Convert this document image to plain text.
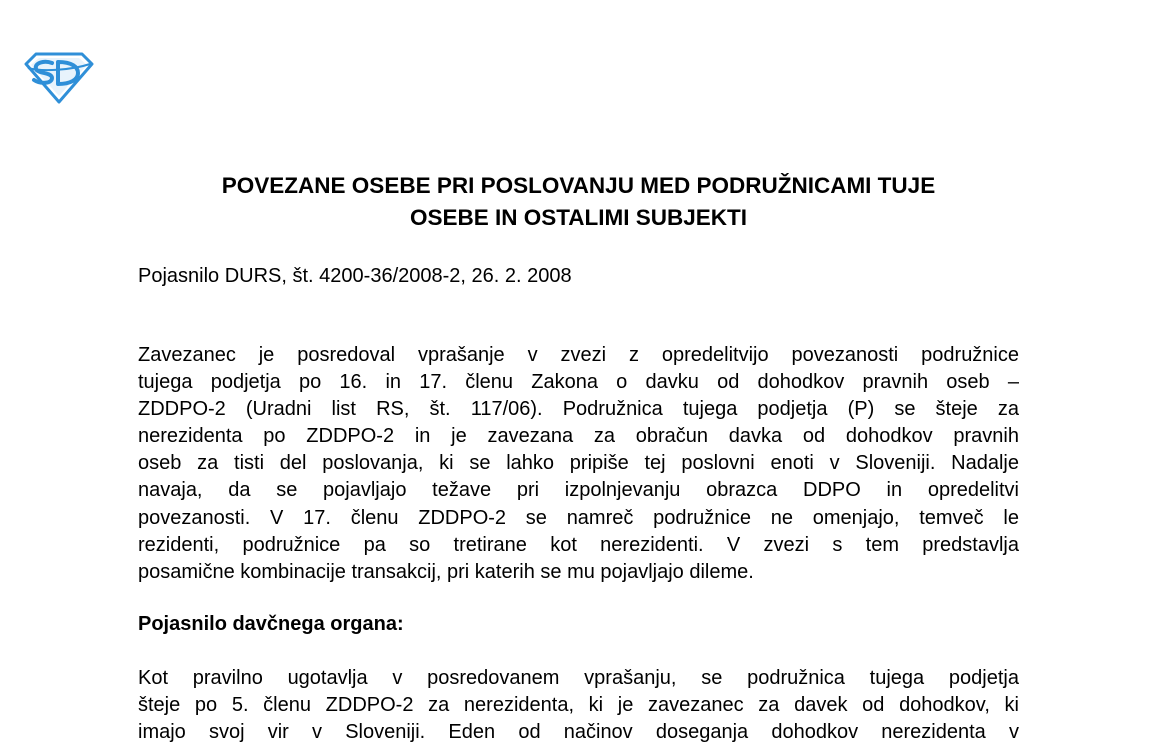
POVEZANE OSEBE PRI POSLOVANJU MED PODRUŽNICAMI TUJE
OSEBE IN OSTALIMI SUBJEKTI

Pojasnilo DURS, št. 4200-36/2008-2, 26. 2. 2008

Zavezanec je posredoval vprašanje v zvezi z opredelitvijo povezanosti podružnice
tujega podjetja po 16. in 17. členu Zakona o davku od dohodkov pravnih oseb –
ZDDPO-2 (Uradni list RS, št. 117/06). Podružnica tujega podjetja (P) se šteje za
nerezidenta po ZDDPO-2 in je zavezana za obračun davka od dohodkov pravnih
oseb za tisti del poslovanja, ki se lahko pripiše tej poslovni enoti v Sloveniji. Nadalje
navaja, da se pojavljajo težave pri izpolnjevanju obrazca DDPO in opredelitvi
povezanosti. V 17. členu ZDDPO-2 se namreč podružnice ne omenjajo, temveč le
rezidenti, podružnice pa so tretirane kot nerezidenti. V zvezi s tem predstavlja
posamične kombinacije transakcij, pri katerih se mu pojavljajo dileme.

Pojasnilo davčnega organa:

Kot pravilno ugotavlja v posredovanem vprašanju, se podružnica tujega podjetja
šteje po 5. členu ZDDPO-2 za nerezidenta, ki je zavezanec za davek od dohodkov, ki
imajo svoj vir v Sloveniji. Eden od načinov doseganja dohodkov nerezidenta v
